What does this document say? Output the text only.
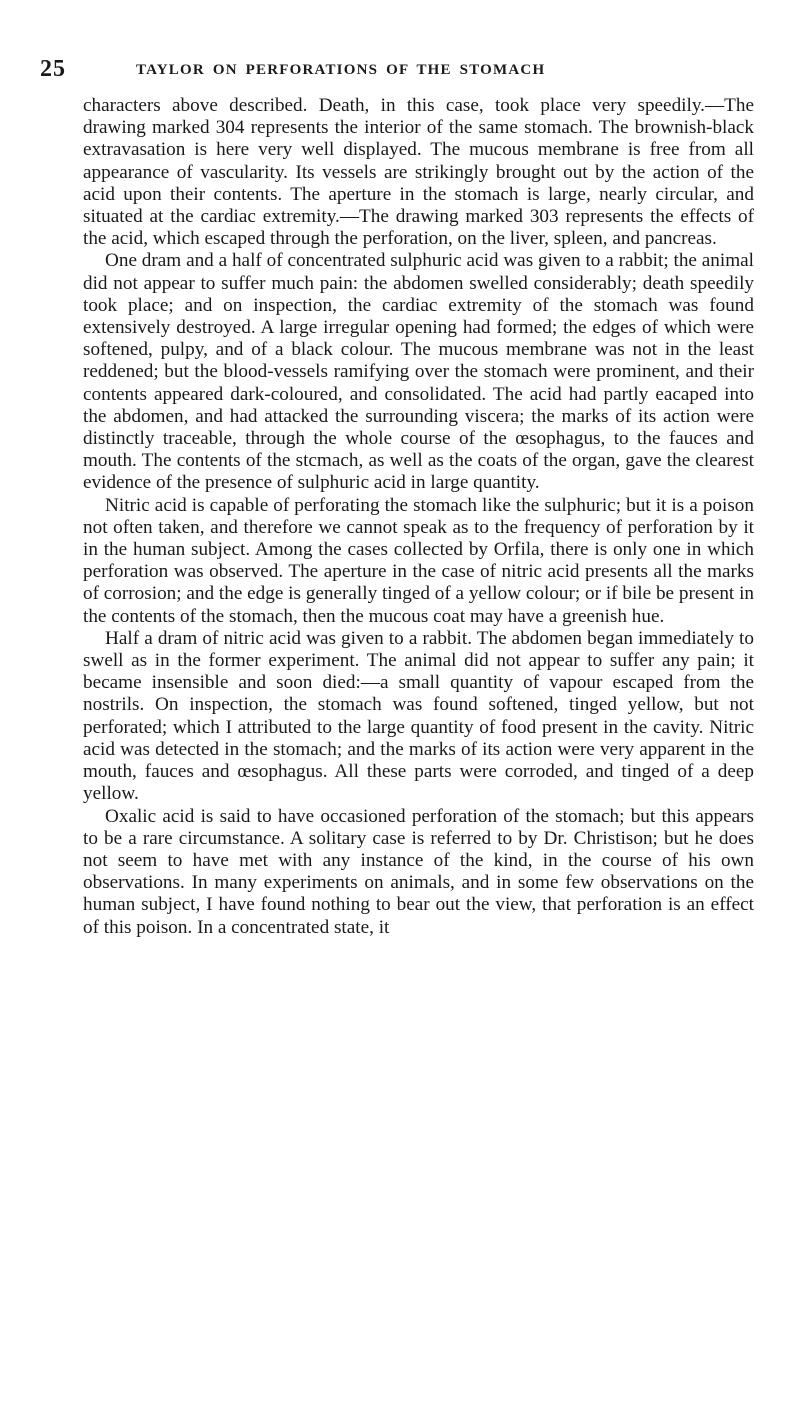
25	TAYLOR ON PERFORATIONS OF THE STOMACH

characters above described. Death, in this case, took place very speedily.—The drawing marked 304 represents the interior of the same stomach. The brownish-black extravasation is here very well displayed. The mucous membrane is free from all appearance of vascularity. Its vessels are strikingly brought out by the action of the acid upon their contents. The aperture in the stomach is large, nearly circular, and situated at the cardiac extremity.—The drawing marked 303 represents the effects of the acid, which escaped through the perforation, on the liver, spleen, and pancreas.

One dram and a half of concentrated sulphuric acid was given to a rabbit; the animal did not appear to suffer much pain: the abdomen swelled considerably; death speedily took place; and on inspection, the cardiac extremity of the stomach was found extensively destroyed. A large irregular opening had formed; the edges of which were softened, pulpy, and of a black colour. The mucous membrane was not in the least reddened; but the blood-vessels ramifying over the stomach were prominent, and their contents appeared dark-coloured, and consolidated. The acid had partly eacaped into the abdomen, and had attacked the surrounding viscera; the marks of its action were distinctly traceable, through the whole course of the œsophagus, to the fauces and mouth. The contents of the stcmach, as well as the coats of the organ, gave the clearest evidence of the presence of sulphuric acid in large quantity.

Nitric acid is capable of perforating the stomach like the sulphuric; but it is a poison not often taken, and therefore we cannot speak as to the frequency of perforation by it in the human subject. Among the cases collected by Orfila, there is only one in which perforation was observed. The aperture in the case of nitric acid presents all the marks of corrosion; and the edge is generally tinged of a yellow colour; or if bile be present in the contents of the stomach, then the mucous coat may have a greenish hue.

Half a dram of nitric acid was given to a rabbit. The abdomen began immediately to swell as in the former experiment. The animal did not appear to suffer any pain; it became insensible and soon died:—a small quantity of vapour escaped from the nostrils. On inspection, the stomach was found softened, tinged yellow, but not perforated; which I attributed to the large quantity of food present in the cavity. Nitric acid was detected in the stomach; and the marks of its action were very apparent in the mouth, fauces and œsophagus. All these parts were corroded, and tinged of a deep yellow.

Oxalic acid is said to have occasioned perforation of the stomach; but this appears to be a rare circumstance. A solitary case is referred to by Dr. Christison; but he does not seem to have met with any instance of the kind, in the course of his own observations. In many experiments on animals, and in some few observations on the human subject, I have found nothing to bear out the view, that perforation is an effect of this poison. In a concentrated state, it
